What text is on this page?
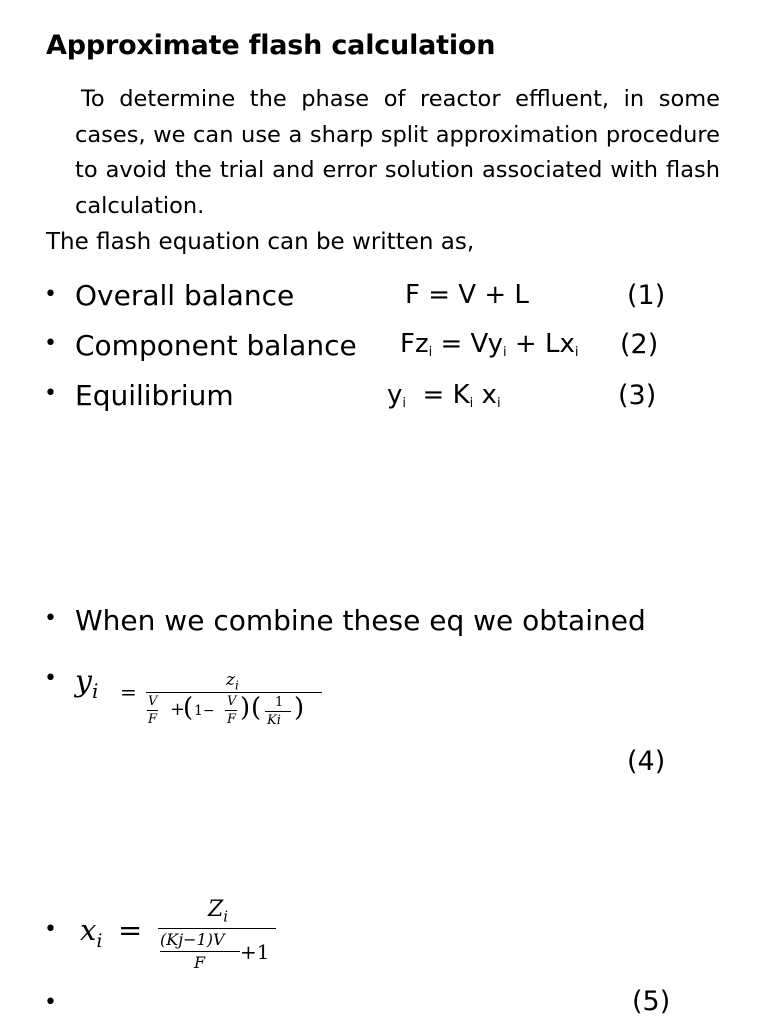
Approximate flash calculation
To determine the phase of reactor effluent, in some cases, we can use a sharp split approximation procedure to avoid the trial and error solution associated with flash calculation.
The flash equation can be written as,
• Overall balance	F = V + L	(1)
• Component balance $Fz_i = Vy_i + Lx_i$ (2)
• Equilibrium	$y_i = K_i$ $x_i$	(3)
• When we combine these eq we obtained
• $y_i$ =	$z_i$
V
F +
( 1−
V
F ) ( 1
Ki )
(4)
• $x_i$ =
$Z_i$
(Kj−1)V
F +1
•	(5)
